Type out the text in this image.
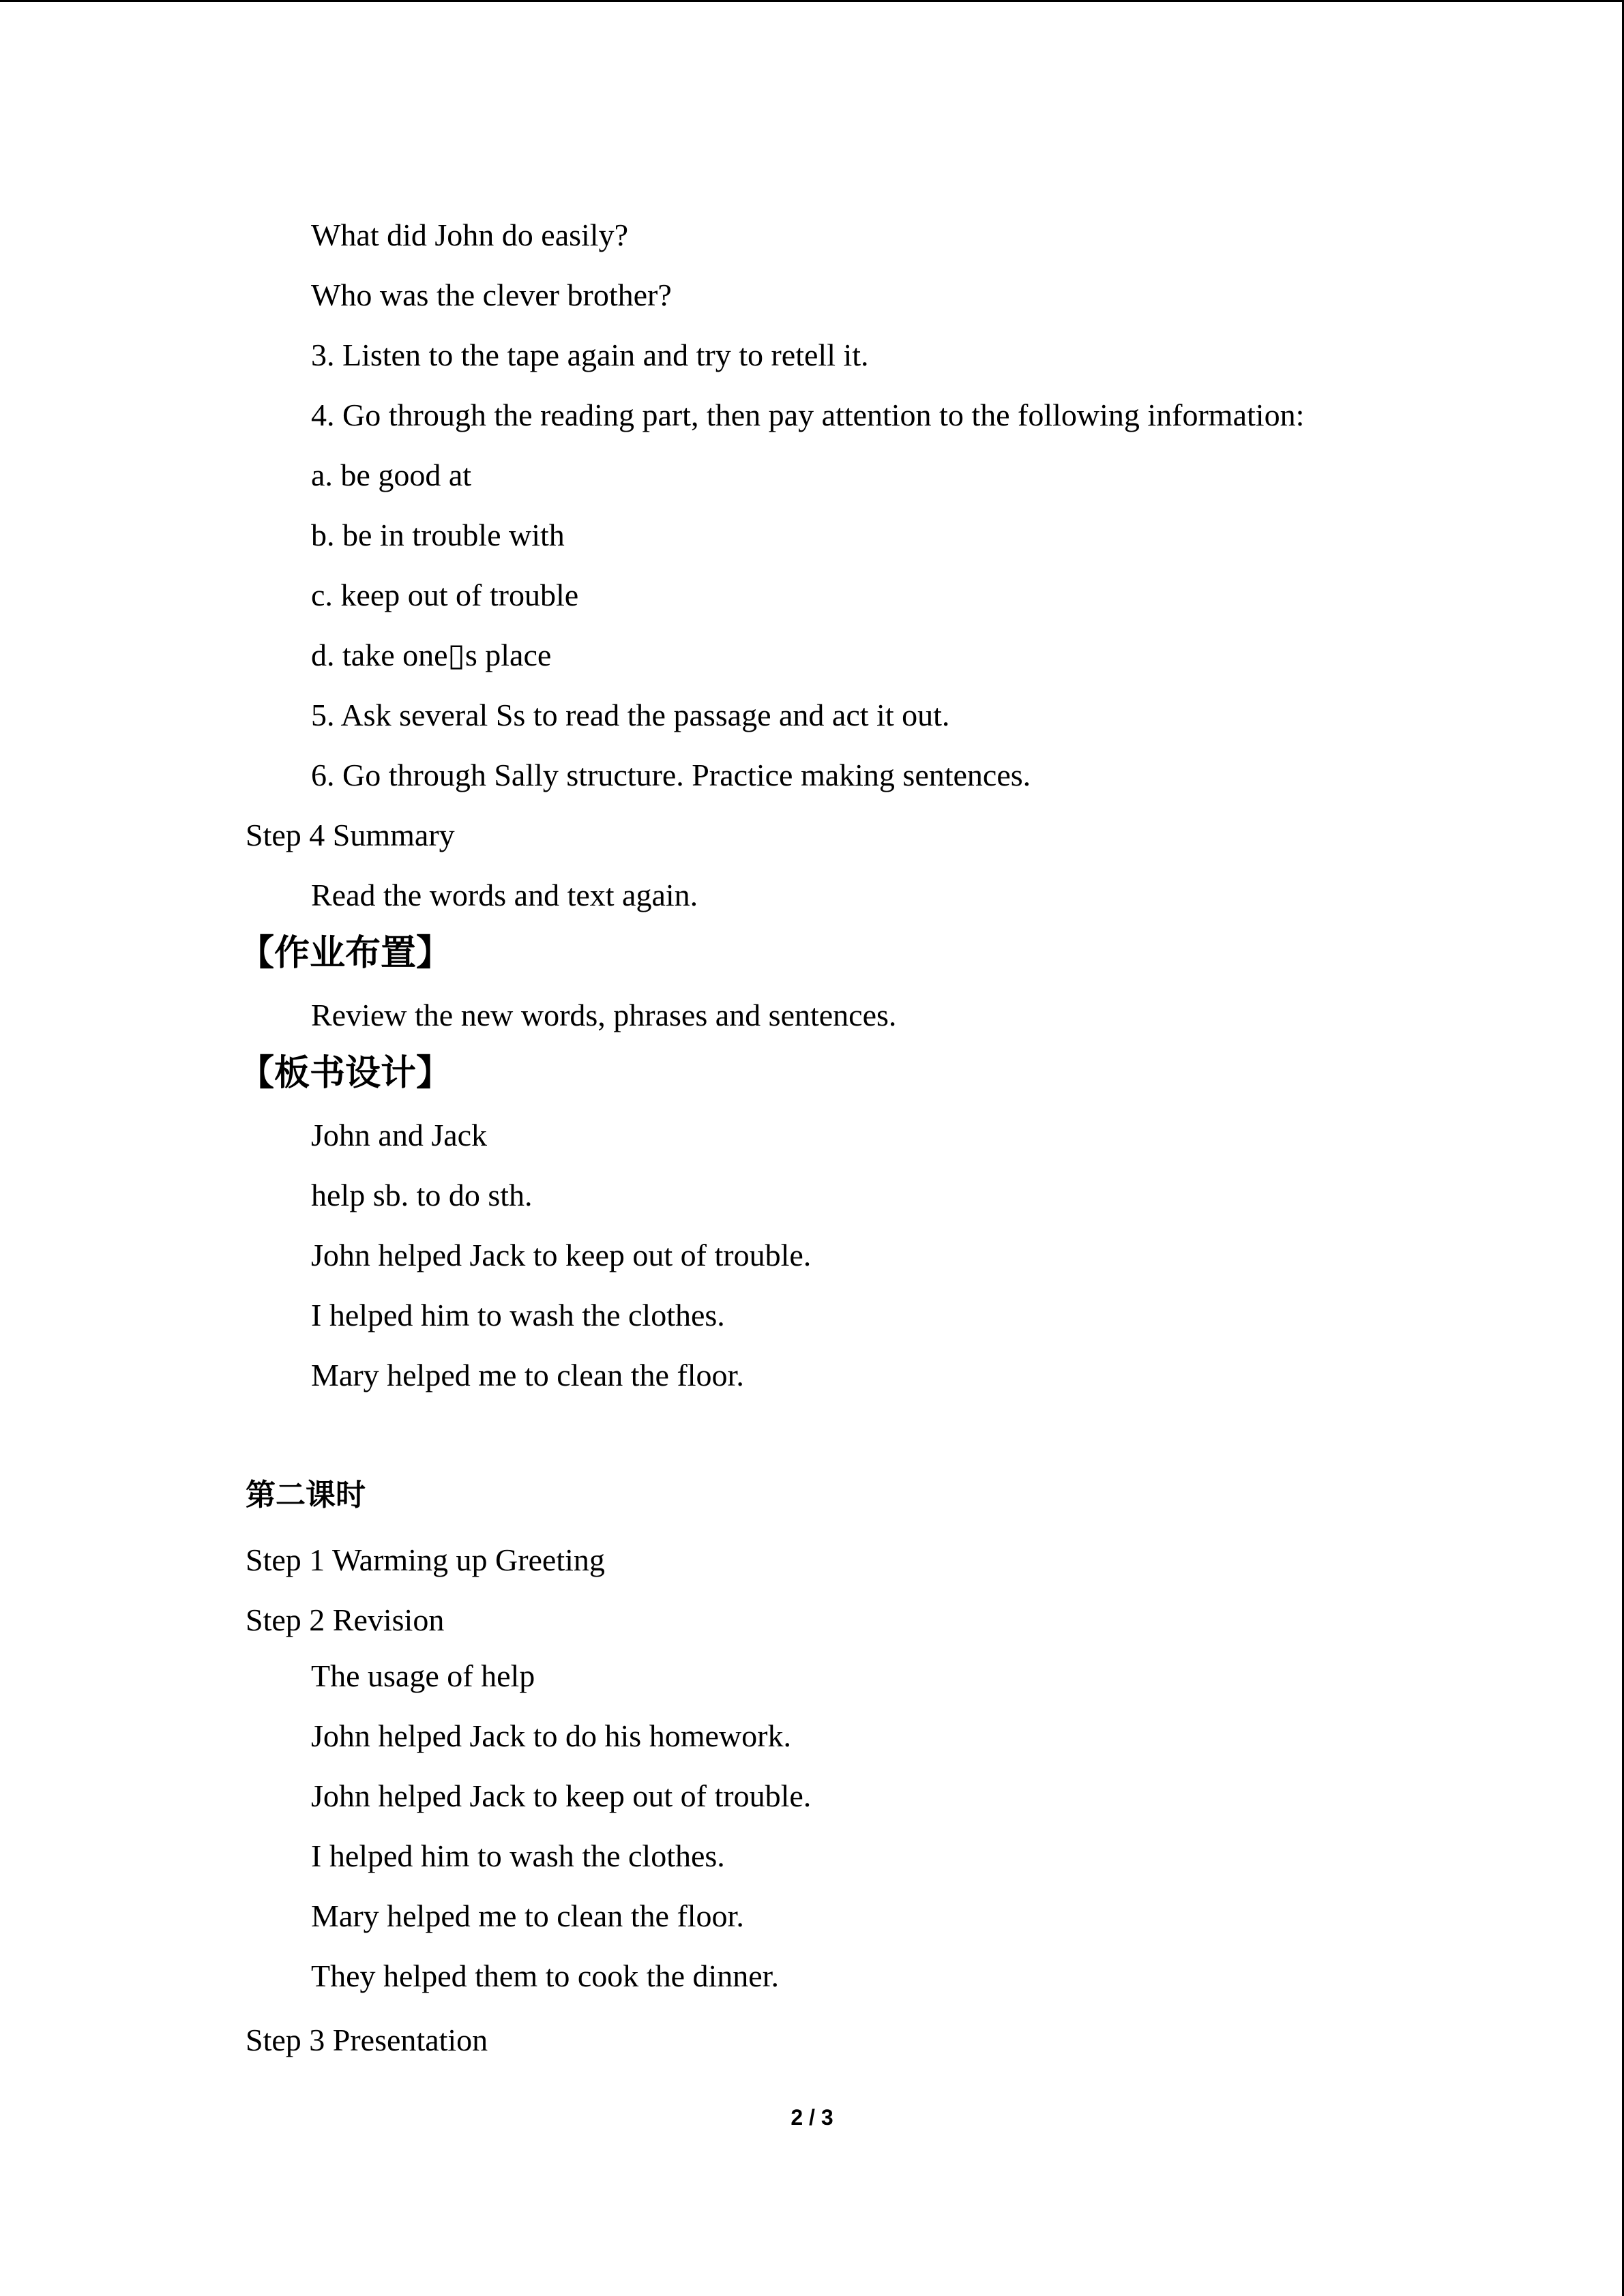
What did John do easily?
Who was the clever brother?
3. Listen to the tape again and try to retell it.
4. Go through the reading part, then pay attention to the following information:
a. be good at
b. be in trouble with
c. keep out of trouble
d. take one▯s place
5. Ask several Ss to read the passage and act it out.
6. Go through Sally structure. Practice making sentences.
Step 4 Summary
Read the words and text again.
【作业布置】
Review the new words, phrases and sentences.
【板书设计】
John and Jack
help sb. to do sth.
John helped Jack to keep out of trouble.
I helped him to wash the clothes.
Mary helped me to clean the floor.
第二课时
Step 1 Warming up Greeting
Step 2 Revision
The usage of help
John helped Jack to do his homework.
John helped Jack to keep out of trouble.
I helped him to wash the clothes.
Mary helped me to clean the floor.
They helped them to cook the dinner.
Step 3 Presentation
2 / 3
